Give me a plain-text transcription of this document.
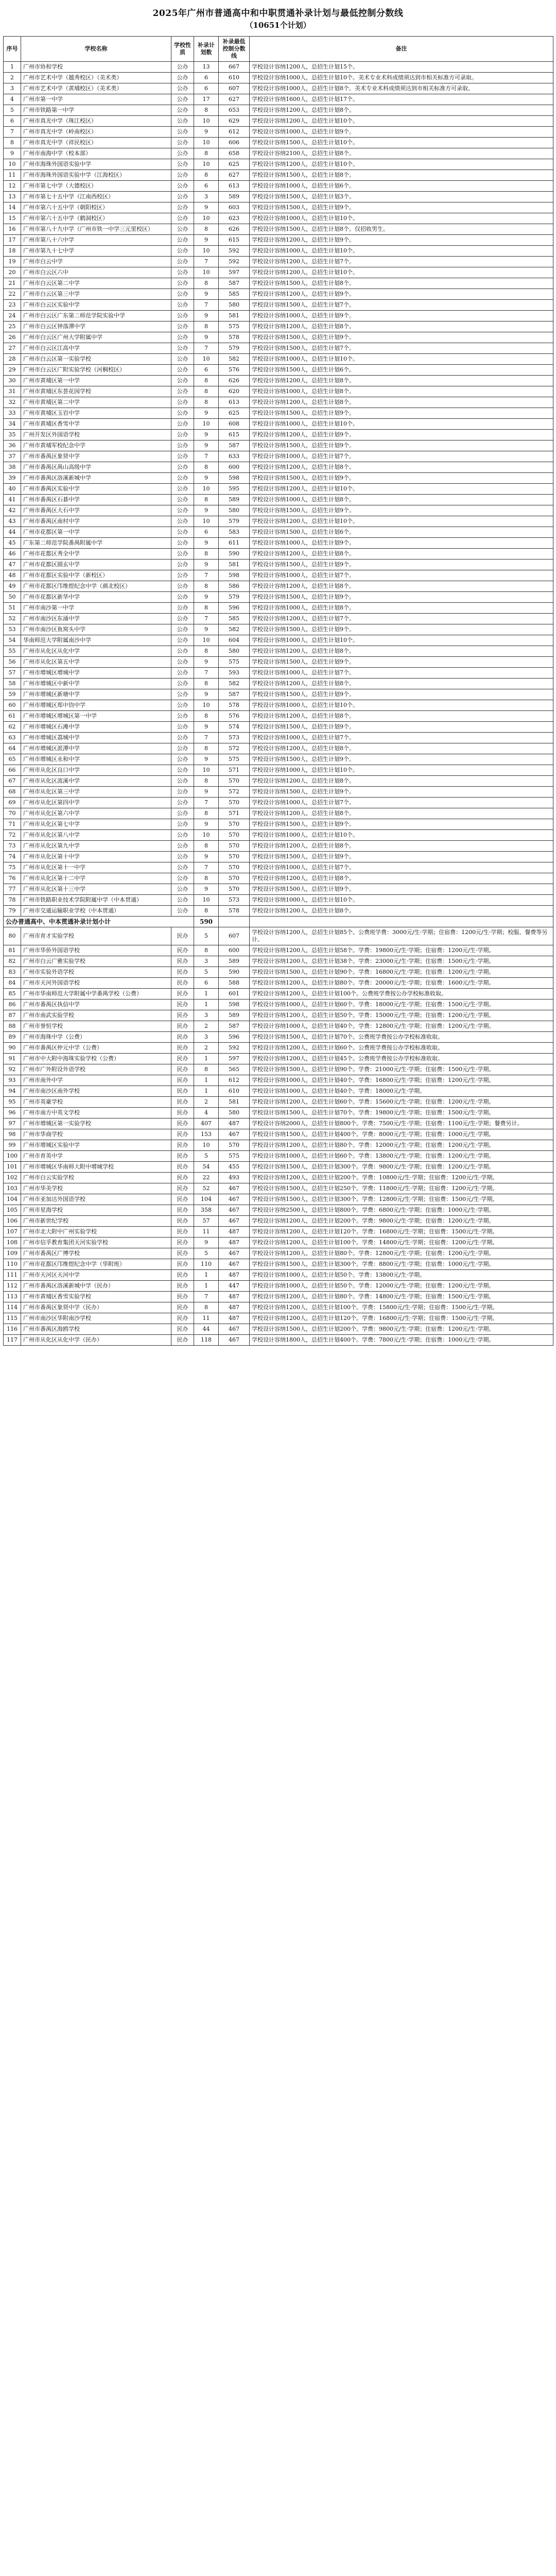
2025年广州市普通高中和中职贯通补录计划与最低控制分数线
（10651个计划）
序号	学校名称	学校性质	补录计划数	补录最低控制分数线	备注
1	广州市协和学校	公办	13	667	学校设计容纳1200人，总招生计划15个。
2	广州市艺术中学（越秀校区）（美术类）	公办	6	610	学校设计容纳1000人，总招生计划10个。美术专业术科成绩须达到市相关标准方可录取。
3	广州市艺术中学（黄埔校区）（美术类）	公办	6	607	学校设计容纳1000人，总招生计划8个。美术专业术科成绩须达到市相关标准方可录取。
4	广州市第一中学	公办	17	627	学校设计容纳1600人，总招生计划17个。
5	广州市铁路第一中学	公办	8	653	学校设计容纳1200人，总招生计划8个。
6	广州市真光中学（珠江校区）	公办	10	629	学校设计容纳1200人，总招生计划10个。
7	广州市真光中学（岭南校区）	公办	9	612	学校设计容纳1000人，总招生计划9个。
8	广州市真光中学（祥民校区）	公办	10	606	学校设计容纳1500人，总招生计划10个。
9	广州市南海中学（校本部）	公办	8	658	学校设计容纳2100人，总招生计划8个。
10	广州市海珠外国语实验中学	公办	10	625	学校设计容纳1200人，总招生计划10个。
11	广州市海珠外国语实验中学（江海校区）	公办	8	627	学校设计容纳1500人，总招生计划8个。
12	广州市第七中学（大德校区）	公办	6	613	学校设计容纳1000人，总招生计划6个。
13	广州市第七十五中学（江南西校区）	公办	3	589	学校设计容纳1500人，总招生计划3个。
14	广州市第六十五中学（朝阳校区）	公办	9	603	学校设计容纳1500人，总招生计划9个。
15	广州市第六十五中学（鹤洞校区）	公办	10	623	学校设计容纳1000人，总招生计划10个。
16	广州市第八十九中学（广州市铁一中学三元里校区）	公办	8	626	学校设计容纳1500人，总招生计划8个。仅招收男生。
17	广州市第八十六中学	公办	9	615	学校设计容纳1200人，总招生计划9个。
18	广州市第九十七中学	公办	10	592	学校设计容纳1000人，总招生计划10个。
19	广州市白云中学	公办	7	592	学校设计容纳1200人，总招生计划7个。
20	广州市白云区六中	公办	10	597	学校设计容纳1200人，总招生计划10个。
21	广州市白云区第二中学	公办	8	587	学校设计容纳1500人，总招生计划8个。
22	广州市白云区第三中学	公办	9	585	学校设计容纳1200人，总招生计划9个。
23	广州市白云区实验中学	公办	7	580	学校设计容纳1500人，总招生计划7个。
24	广州市白云区广东第二师范学院实验中学	公办	9	581	学校设计容纳1000人，总招生计划9个。
25	广州市白云区钟落潭中学	公办	8	575	学校设计容纳1200人，总招生计划8个。
26	广州市白云区广州大学附属中学	公办	9	578	学校设计容纳1500人，总招生计划9个。
27	广州市白云区江高中学	公办	7	579	学校设计容纳1500人，总招生计划7个。
28	广州市白云区第一实验学校	公办	10	582	学校设计容纳1000人，总招生计划10个。
29	广州市白云区广附实验学校（河桐校区）	公办	6	576	学校设计容纳1500人，总招生计划6个。
30	广州市黄埔区第一中学	公办	8	626	学校设计容纳1200人，总招生计划8个。
31	广州市黄埔区东荟花园学校	公办	8	620	学校设计容纳1000人，总招生计划8个。
32	广州市黄埔区第二中学	公办	8	613	学校设计容纳1200人，总招生计划8个。
33	广州市黄埔区玉岩中学	公办	9	625	学校设计容纳1500人，总招生计划9个。
34	广州市黄埔区香雪中学	公办	10	608	学校设计容纳1000人，总招生计划10个。
35	广州开发区外国语学校	公办	9	615	学校设计容纳1200人，总招生计划9个。
36	广州市黄埔军校纪念中学	公办	9	587	学校设计容纳1500人，总招生计划9个。
37	广州市番禺区象贤中学	公办	7	633	学校设计容纳1000人，总招生计划7个。
38	广州市番禺区禺山高级中学	公办	8	600	学校设计容纳1200人，总招生计划8个。
39	广州市番禺区洛溪新城中学	公办	9	598	学校设计容纳1500人，总招生计划9个。
40	广州市番禺区实验中学	公办	10	595	学校设计容纳1200人，总招生计划10个。
41	广州市番禺区石碁中学	公办	8	589	学校设计容纳1000人，总招生计划8个。
42	广州市番禺区大石中学	公办	9	580	学校设计容纳1500人，总招生计划9个。
43	广州市番禺区南村中学	公办	10	579	学校设计容纳1200人，总招生计划10个。
44	广州市花都区第一中学	公办	6	583	学校设计容纳1500人，总招生计划6个。
45	广东第二师范学院番禺附属中学	公办	9	611	学校设计容纳1000人，总招生计划9个。
46	广州市花都区秀全中学	公办	8	590	学校设计容纳1200人，总招生计划8个。
47	广州市花都区圆玄中学	公办	9	581	学校设计容纳1500人，总招生计划9个。
48	广州市花都区实验中学（新校区）	公办	7	598	学校设计容纳1000人，总招生计划7个。
49	广州市花都区邝维煜纪念中学（颜北校区）	公办	8	586	学校设计容纳1200人，总招生计划8个。
50	广州市花都区新华中学	公办	9	579	学校设计容纳1500人，总招生计划9个。
51	广州市南沙第一中学	公办	8	596	学校设计容纳1000人，总招生计划8个。
52	广州市南沙区东涌中学	公办	7	585	学校设计容纳1200人，总招生计划7个。
53	广州市南沙区鱼窝头中学	公办	9	582	学校设计容纳1500人，总招生计划9个。
54	华南师范大学附属南沙中学	公办	10	604	学校设计容纳1000人，总招生计划10个。
55	广州市从化区从化中学	公办	8	580	学校设计容纳1200人，总招生计划8个。
56	广州市从化区第五中学	公办	9	575	学校设计容纳1500人，总招生计划9个。
57	广州市增城区增城中学	公办	7	593	学校设计容纳1000人，总招生计划7个。
58	广州市增城区中新中学	公办	8	582	学校设计容纳1200人，总招生计划8个。
59	广州市增城区新塘中学	公办	9	587	学校设计容纳1500人，总招生计划9个。
60	广州市增城区郑中钧中学	公办	10	578	学校设计容纳1000人，总招生计划10个。
61	广州市增城区增城区第一中学	公办	8	576	学校设计容纳1200人，总招生计划8个。
62	广州市增城区石滩中学	公办	9	574	学校设计容纳1500人，总招生计划9个。
63	广州市增城区荔城中学	公办	7	573	学校设计容纳1000人，总招生计划7个。
64	广州市增城区派潭中学	公办	8	572	学校设计容纳1200人，总招生计划8个。
65	广州市增城区永和中学	公办	9	575	学校设计容纳1500人，总招生计划9个。
66	广州市从化区良口中学	公办	10	571	学校设计容纳1000人，总招生计划10个。
67	广州市从化区流溪中学	公办	8	570	学校设计容纳1200人，总招生计划8个。
68	广州市从化区第三中学	公办	9	572	学校设计容纳1500人，总招生计划9个。
69	广州市从化区第四中学	公办	7	570	学校设计容纳1000人，总招生计划7个。
70	广州市从化区第六中学	公办	8	571	学校设计容纳1200人，总招生计划8个。
71	广州市从化区第七中学	公办	9	570	学校设计容纳1500人，总招生计划9个。
72	广州市从化区第八中学	公办	10	570	学校设计容纳1000人，总招生计划10个。
73	广州市从化区第九中学	公办	8	570	学校设计容纳1200人，总招生计划8个。
74	广州市从化区第十中学	公办	9	570	学校设计容纳1500人，总招生计划9个。
75	广州市从化区第十一中学	公办	7	570	学校设计容纳1000人，总招生计划7个。
76	广州市从化区第十二中学	公办	8	570	学校设计容纳1200人，总招生计划8个。
77	广州市从化区第十三中学	公办	9	570	学校设计容纳1500人，总招生计划9个。
78	广州市铁路职业技术学院附属中学（中本贯通）	公办	10	573	学校设计容纳1000人，总招生计划10个。
79	广州市交通运输职业学校（中本贯通）	公办	8	578	学校设计容纳1200人，总招生计划8个。
公办普通高中、中本贯通补录计划小计			590		
80	广州市育才实验学校	民办	5	607	学校设计容纳1200人，总招生计划85个。公费班学费：3000元/生·学期；住宿费：1200元/生·学期；校服、餐费等另计。
81	广州市华侨外国语学校	民办	8	600	学校设计容纳1200人，总招生计划58个。学费：19800元/生·学期；住宿费：1200元/生·学期。
82	广州市白云广雅实验学校	民办	3	589	学校设计容纳1200人，总招生计划38个。学费：23000元/生·学期；住宿费：1500元/生·学期。
83	广州市实验外语学校	民办	5	590	学校设计容纳1500人，总招生计划90个。学费：16800元/生·学期；住宿费：1200元/生·学期。
84	广州市天河外国语学校	民办	6	588	学校设计容纳1200人，总招生计划80个。学费：20000元/生·学期；住宿费：1600元/生·学期。
85	广州市华南师范大学附属中学番禺学校（公费）	民办	1	601	学校设计容纳1200人，总招生计划100个。公费班学费按公办学校标准收取。
86	广州市番禺区执信中学	民办	1	598	学校设计容纳1000人，总招生计划60个。学费：18000元/生·学期；住宿费：1500元/生·学期。
87	广州市南武实验学校	民办	3	589	学校设计容纳1200人，总招生计划50个。学费：15000元/生·学期；住宿费：1200元/生·学期。
88	广州市誉恒学校	民办	2	587	学校设计容纳1000人，总招生计划40个。学费：12800元/生·学期；住宿费：1200元/生·学期。
89	广州市海珠中学（公费）	民办	3	596	学校设计容纳1500人，总招生计划70个。公费班学费按公办学校标准收取。
90	广州市番禺区仲元中学（公费）	民办	2	592	学校设计容纳1200人，总招生计划60个。公费班学费按公办学校标准收取。
91	广州市中大附中海珠实验学校（公费）	民办	1	597	学校设计容纳1200人，总招生计划45个。公费班学费按公办学校标准收取。
92	广州市广外附设外语学校	民办	8	565	学校设计容纳1500人，总招生计划90个。学费：21000元/生·学期；住宿费：1500元/生·学期。
93	广州市南外中学	民办	1	612	学校设计容纳1000人，总招生计划40个。学费：16800元/生·学期；住宿费：1200元/生·学期。
94	广州市南沙区南外学校	民办	1	610	学校设计容纳1000人，总招生计划40个。学费：18000元/生·学期。
95	广州市英豪学校	民办	2	581	学校设计容纳1200人，总招生计划60个。学费：15600元/生·学期；住宿费：1200元/生·学期。
96	广州市南方中英文学校	民办	4	580	学校设计容纳1500人，总招生计划70个。学费：19800元/生·学期；住宿费：1500元/生·学期。
97	广州市增城区第一实验学校	民办	407	487	学校设计容纳2000人，总招生计划800个。学费：7500元/生·学期；住宿费：1100元/生·学期；餐费另计。
98	广州市华商学校	民办	153	467	学校设计容纳1500人，总招生计划400个。学费：8000元/生·学期；住宿费：1000元/生·学期。
99	广州市增城区实验中学	民办	10	570	学校设计容纳1200人，总招生计划80个。学费：12000元/生·学期；住宿费：1200元/生·学期。
100	广州市育英中学	民办	5	575	学校设计容纳1000人，总招生计划60个。学费：13800元/生·学期；住宿费：1200元/生·学期。
101	广州市增城区华南师大附中增城学校	民办	54	455	学校设计容纳1500人，总招生计划300个。学费：9800元/生·学期；住宿费：1200元/生·学期。
102	广州市白云实验学校	民办	22	493	学校设计容纳1200人，总招生计划200个。学费：10800元/生·学期；住宿费：1200元/生·学期。
103	广州市华美学校	民办	52	467	学校设计容纳1500人，总招生计划250个。学费：11800元/生·学期；住宿费：1200元/生·学期。
104	广州市亚加达外国语学校	民办	104	467	学校设计容纳1500人，总招生计划300个。学费：12800元/生·学期；住宿费：1500元/生·学期。
105	广州市星海学校	民办	358	467	学校设计容纳2500人，总招生计划800个。学费：6800元/生·学期；住宿费：1000元/生·学期。
106	广州市新世纪学校	民办	57	467	学校设计容纳1200人，总招生计划200个。学费：9800元/生·学期；住宿费：1200元/生·学期。
107	广州市北大附中广州实验学校	民办	11	487	学校设计容纳1200人，总招生计划120个。学费：16800元/生·学期；住宿费：1500元/生·学期。
108	广州市信孚教育集团天河实验学校	民办	9	487	学校设计容纳1200人，总招生计划100个。学费：14800元/生·学期；住宿费：1200元/生·学期。
109	广州市番禺区广博学校	民办	5	467	学校设计容纳1200人，总招生计划80个。学费：12800元/生·学期；住宿费：1200元/生·学期。
110	广州市花都区邝维煜纪念中学（华附班）	民办	110	467	学校设计容纳1500人，总招生计划300个。学费：8800元/生·学期；住宿费：1000元/生·学期。
111	广州市天河区天河中学	民办	1	487	学校设计容纳1000人，总招生计划50个。学费：13800元/生·学期。
112	广州市番禺区洛溪新城中学（民办）	民办	1	447	学校设计容纳1000人，总招生计划50个。学费：12000元/生·学期；住宿费：1200元/生·学期。
113	广州市黄埔区香雪实验学校	民办	7	487	学校设计容纳1200人，总招生计划80个。学费：14800元/生·学期；住宿费：1500元/生·学期。
114	广州市番禺区象贤中学（民办）	民办	8	487	学校设计容纳1200人，总招生计划100个。学费：15800元/生·学期；住宿费：1500元/生·学期。
115	广州市南沙区华附南沙学校	民办	11	487	学校设计容纳1200人，总招生计划120个。学费：16800元/生·学期；住宿费：1500元/生·学期。
116	广州市番禺区海鸥学校	民办	44	467	学校设计容纳1500人，总招生计划200个。学费：9800元/生·学期；住宿费：1200元/生·学期。
117	广州市从化区从化中学（民办）	民办	118	467	学校设计容纳1800人，总招生计划400个。学费：7800元/生·学期；住宿费：1000元/生·学期。
